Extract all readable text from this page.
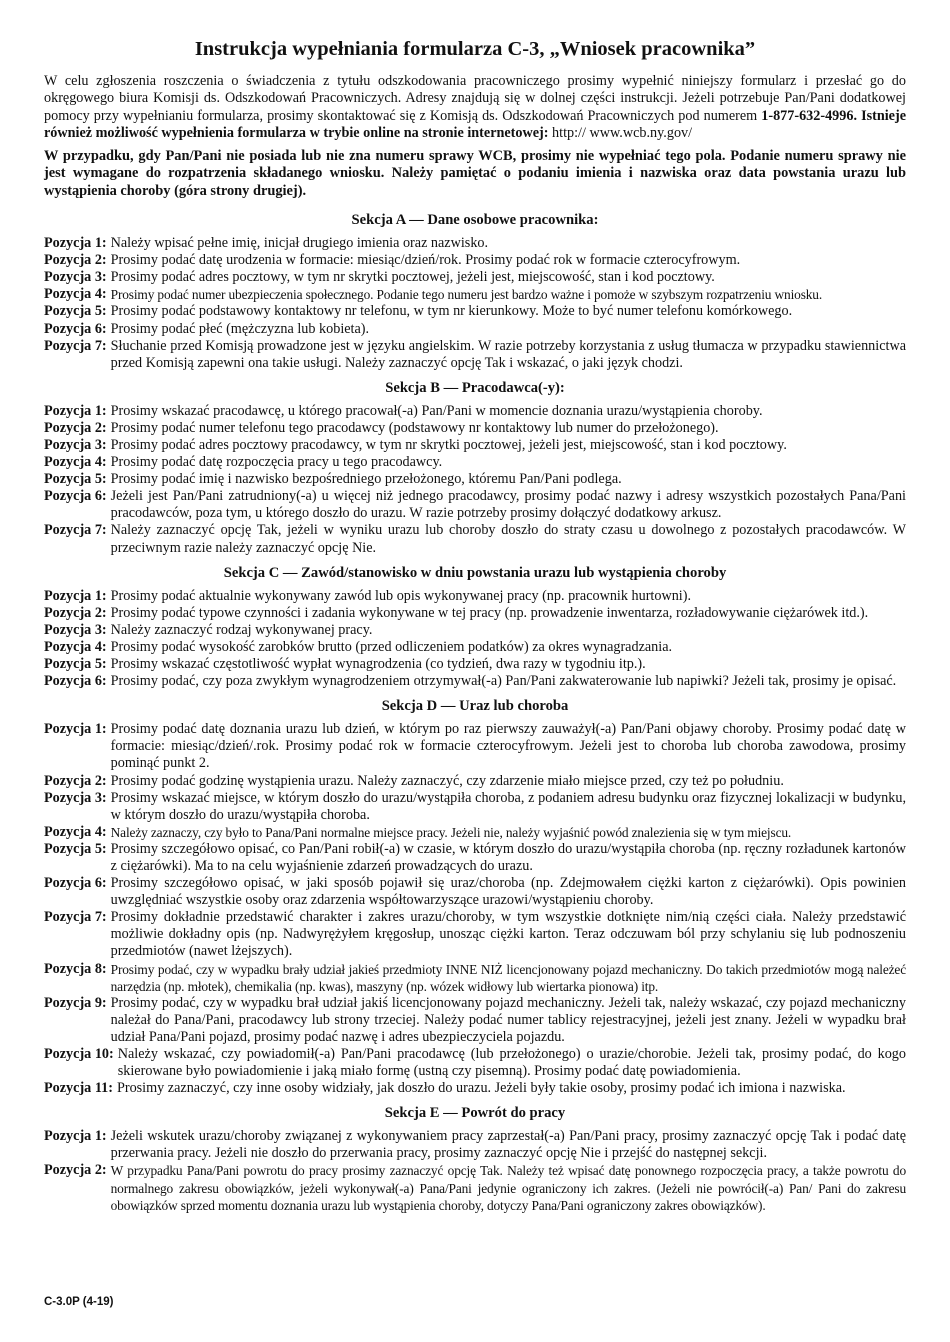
Instrukcja wypełniania formularza C-3, „Wniosek pracownika”

W celu zgłoszenia roszczenia o świadczenia z tytułu odszkodowania pracowniczego prosimy wypełnić niniejszy formularz i przesłać go do okręgowego biura Komisji ds. Odszkodowań Pracowniczych. Adresy znajdują się w dolnej części instrukcji. Jeżeli potrzebuje Pan/Pani dodatkowej pomocy przy wypełnianiu formularza, prosimy skontaktować się z Komisją ds. Odszkodowań Pracowniczych pod numerem 1-877-632-4996. Istnieje również możliwość wypełnienia formularza w trybie online na stronie internetowej: http:// www.wcb.ny.gov/

W przypadku, gdy Pan/Pani nie posiada lub nie zna numeru sprawy WCB, prosimy nie wypełniać tego pola. Podanie numeru sprawy nie jest wymagane do rozpatrzenia składanego wniosku. Należy pamiętać o podaniu imienia i nazwiska oraz data powstania urazu lub wystąpienia choroby (góra strony drugiej).

Sekcja A — Dane osobowe pracownika:
Pozycja 1: Należy wpisać pełne imię, inicjał drugiego imienia oraz nazwisko.
Pozycja 2: Prosimy podać datę urodzenia w formacie: miesiąc/dzień/rok. Prosimy podać rok w formacie czterocyfrowym.
Pozycja 3: Prosimy podać adres pocztowy, w tym nr skrytki pocztowej, jeżeli jest, miejscowość, stan i kod pocztowy.
Pozycja 4: Prosimy podać numer ubezpieczenia społecznego. Podanie tego numeru jest bardzo ważne i pomoże w szybszym rozpatrzeniu wniosku.
Pozycja 5: Prosimy podać podstawowy kontaktowy nr telefonu, w tym nr kierunkowy. Może to być numer telefonu komórkowego.
Pozycja 6: Prosimy podać płeć (mężczyzna lub kobieta).
Pozycja 7: Słuchanie przed Komisją prowadzone jest w języku angielskim. W razie potrzeby korzystania z usług tłumacza w przypadku stawiennictwa przed Komisją zapewni ona takie usługi. Należy zaznaczyć opcję Tak i wskazać, o jaki język chodzi.
Sekcja B — Pracodawca(-y):
Pozycja 1: Prosimy wskazać pracodawcę, u którego pracował(-a) Pan/Pani w momencie doznania urazu/wystąpienia choroby.
Pozycja 2: Prosimy podać numer telefonu tego pracodawcy (podstawowy nr kontaktowy lub numer do przełożonego).
Pozycja 3: Prosimy podać adres pocztowy pracodawcy, w tym nr skrytki pocztowej, jeżeli jest, miejscowość, stan i kod pocztowy.
Pozycja 4: Prosimy podać datę rozpoczęcia pracy u tego pracodawcy.
Pozycja 5: Prosimy podać imię i nazwisko bezpośredniego przełożonego, któremu Pan/Pani podlega.
Pozycja 6: Jeżeli jest Pan/Pani zatrudniony(-a) u więcej niż jednego pracodawcy, prosimy podać nazwy i adresy wszystkich pozostałych Pana/Pani pracodawców, poza tym, u którego doszło do urazu. W razie potrzeby prosimy dołączyć dodatkowy arkusz.
Pozycja 7: Należy zaznaczyć opcję Tak, jeżeli w wyniku urazu lub choroby doszło do straty czasu u dowolnego z pozostałych pracodawców. W przeciwnym razie należy zaznaczyć opcję Nie.
Sekcja C — Zawód/stanowisko w dniu powstania urazu lub wystąpienia choroby
Pozycja 1: Prosimy podać aktualnie wykonywany zawód lub opis wykonywanej pracy (np. pracownik hurtowni).
Pozycja 2: Prosimy podać typowe czynności i zadania wykonywane w tej pracy (np. prowadzenie inwentarza, rozładowywanie ciężarówek itd.).
Pozycja 3: Należy zaznaczyć rodzaj wykonywanej pracy.
Pozycja 4: Prosimy podać wysokość zarobków brutto (przed odliczeniem podatków) za okres wynagradzania.
Pozycja 5: Prosimy wskazać częstotliwość wypłat wynagrodzenia (co tydzień, dwa razy w tygodniu itp.).
Pozycja 6: Prosimy podać, czy poza zwykłym wynagrodzeniem otrzymywał(-a) Pan/Pani zakwaterowanie lub napiwki? Jeżeli tak, prosimy je opisać.
Sekcja D — Uraz lub choroba
Pozycja 1: Prosimy podać datę doznania urazu lub dzień, w którym po raz pierwszy zauważył(-a) Pan/Pani objawy choroby. Prosimy podać datę w formacie: miesiąc/dzień/.rok. Prosimy podać rok w formacie czterocyfrowym. Jeżeli jest to choroba lub choroba zawodowa, prosimy pominąć punkt 2.
Pozycja 2: Prosimy podać godzinę wystąpienia urazu. Należy zaznaczyć, czy zdarzenie miało miejsce przed, czy też po południu.
Pozycja 3: Prosimy wskazać miejsce, w którym doszło do urazu/wystąpiła choroba, z podaniem adresu budynku oraz fizycznej lokalizacji w budynku, w którym doszło do urazu/wystąpiła choroba.
Pozycja 4: Należy zaznaczy, czy było to Pana/Pani normalne miejsce pracy. Jeżeli nie, należy wyjaśnić powód znalezienia się w tym miejscu.
Pozycja 5: Prosimy szczegółowo opisać, co Pan/Pani robił(-a) w czasie, w którym doszło do urazu/wystąpiła choroba (np. ręczny rozładunek kartonów z ciężarówki). Ma to na celu wyjaśnienie zdarzeń prowadzących do urazu.
Pozycja 6: Prosimy szczegółowo opisać, w jaki sposób pojawił się uraz/choroba (np. Zdejmowałem ciężki karton z ciężarówki). Opis powinien uwzględniać wszystkie osoby oraz zdarzenia współtowarzyszące urazowi/wystąpieniu choroby.
Pozycja 7: Prosimy dokładnie przedstawić charakter i zakres urazu/choroby, w tym wszystkie dotknięte nim/nią części ciała. Należy przedstawić możliwie dokładny opis (np. Nadwyrężyłem kręgosłup, unosząc ciężki karton. Teraz odczuwam ból przy schylaniu się lub podnoszeniu przedmiotów (nawet lżejszych).
Pozycja 8: Prosimy podać, czy w wypadku brały udział jakieś przedmioty INNE NIŻ licencjonowany pojazd mechaniczny. Do takich przedmiotów mogą należeć narzędzia (np. młotek), chemikalia (np. kwas), maszyny (np. wózek widłowy lub wiertarka pionowa) itp.
Pozycja 9: Prosimy podać, czy w wypadku brał udział jakiś licencjonowany pojazd mechaniczny. Jeżeli tak, należy wskazać, czy pojazd mechaniczny należał do Pana/Pani, pracodawcy lub strony trzeciej. Należy podać numer tablicy rejestracyjnej, jeżeli jest znany. Jeżeli w wypadku brał udział Pana/Pani pojazd, prosimy podać nazwę i adres ubezpieczyciela pojazdu.
Pozycja 10: Należy wskazać, czy powiadomił(-a) Pan/Pani pracodawcę (lub przełożonego) o urazie/chorobie. Jeżeli tak, prosimy podać, do kogo skierowane było powiadomienie i jaką miało formę (ustną czy pisemną). Prosimy podać datę powiadomienia.
Pozycja 11: Prosimy zaznaczyć, czy inne osoby widziały, jak doszło do urazu. Jeżeli były takie osoby, prosimy podać ich imiona i nazwiska.
Sekcja E — Powrót do pracy
Pozycja 1: Jeżeli wskutek urazu/choroby związanej z wykonywaniem pracy zaprzestał(-a) Pan/Pani pracy, prosimy zaznaczyć opcję Tak i podać datę przerwania pracy. Jeżeli nie doszło do przerwania pracy, prosimy zaznaczyć opcję Nie i przejść do następnej sekcji.
Pozycja 2: W przypadku Pana/Pani powrotu do pracy prosimy zaznaczyć opcję Tak. Należy też wpisać datę ponownego rozpoczęcia pracy, a także powrotu do normalnego zakresu obowiązków, jeżeli wykonywał(-a) Pana/Pani jedynie ograniczony ich zakres. (Jeżeli nie powrócił(-a) Pan/ Pani do zakresu obowiązków sprzed momentu doznania urazu lub wystąpienia choroby, dotyczy Pana/Pani ograniczony zakres obowiązków).
C-3.0P (4-19)
